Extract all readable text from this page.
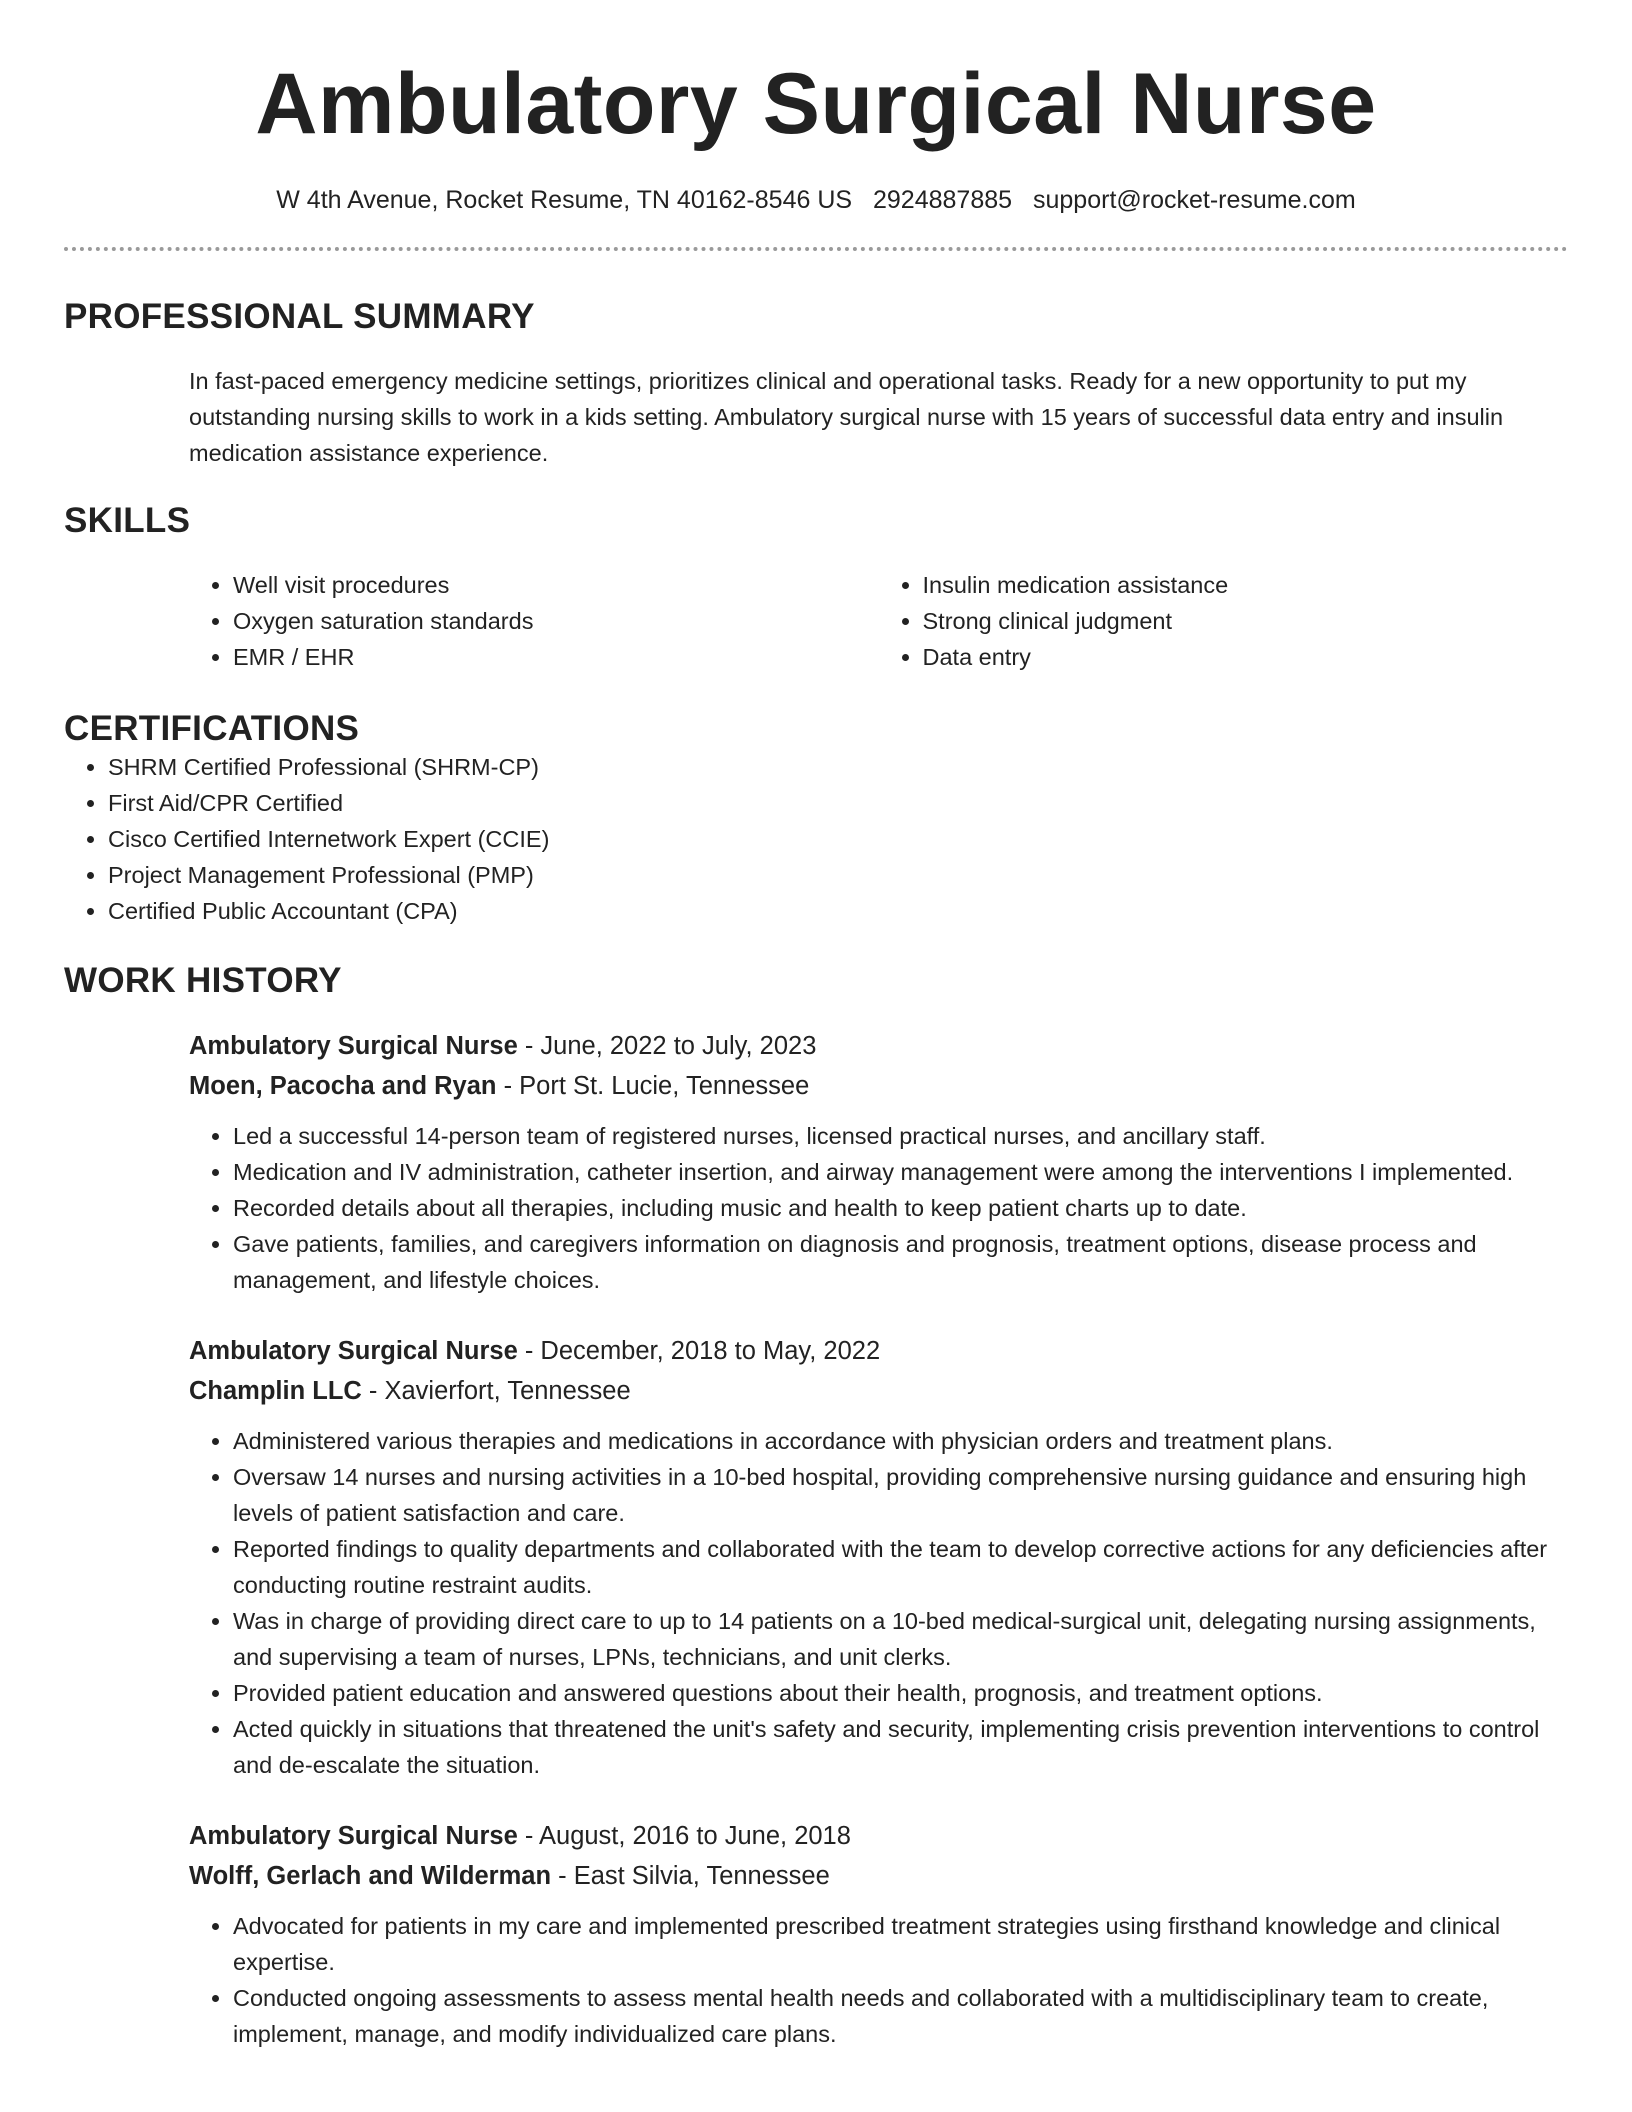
Ambulatory Surgical Nurse
W 4th Avenue, Rocket Resume, TN 40162-8546 US 2924887885 support@rocket-resume.com
PROFESSIONAL SUMMARY

In fast-paced emergency medicine settings, prioritizes clinical and operational tasks. Ready for a new opportunity to put my outstanding nursing skills to work in a kids setting. Ambulatory surgical nurse with 15 years of successful data entry and insulin medication assistance experience.

SKILLS
• Well visit procedures
• Oxygen saturation standards
• EMR / EHR
• Insulin medication assistance
• Strong clinical judgment
• Data entry
CERTIFICATIONS
• SHRM Certified Professional (SHRM-CP)
• First Aid/CPR Certified
• Cisco Certified Internetwork Expert (CCIE)
• Project Management Professional (PMP)
• Certified Public Accountant (CPA)
WORK HISTORY
Ambulatory Surgical Nurse - June, 2022 to July, 2023
Moen, Pacocha and Ryan - Port St. Lucie, Tennessee
• Led a successful 14-person team of registered nurses, licensed practical nurses, and ancillary staff.
• Medication and IV administration, catheter insertion, and airway management were among the interventions I implemented.
• Recorded details about all therapies, including music and health to keep patient charts up to date.
• Gave patients, families, and caregivers information on diagnosis and prognosis, treatment options, disease process and management, and lifestyle choices.
Ambulatory Surgical Nurse - December, 2018 to May, 2022
Champlin LLC - Xavierfort, Tennessee
• Administered various therapies and medications in accordance with physician orders and treatment plans.
• Oversaw 14 nurses and nursing activities in a 10-bed hospital, providing comprehensive nursing guidance and ensuring high levels of patient satisfaction and care.
• Reported findings to quality departments and collaborated with the team to develop corrective actions for any deficiencies after conducting routine restraint audits.
• Was in charge of providing direct care to up to 14 patients on a 10-bed medical-surgical unit, delegating nursing assignments, and supervising a team of nurses, LPNs, technicians, and unit clerks.
• Provided patient education and answered questions about their health, prognosis, and treatment options.
• Acted quickly in situations that threatened the unit's safety and security, implementing crisis prevention interventions to control and de-escalate the situation.
Ambulatory Surgical Nurse - August, 2016 to June, 2018
Wolff, Gerlach and Wilderman - East Silvia, Tennessee
• Advocated for patients in my care and implemented prescribed treatment strategies using firsthand knowledge and clinical expertise.
• Conducted ongoing assessments to assess mental health needs and collaborated with a multidisciplinary team to create, implement, manage, and modify individualized care plans.
